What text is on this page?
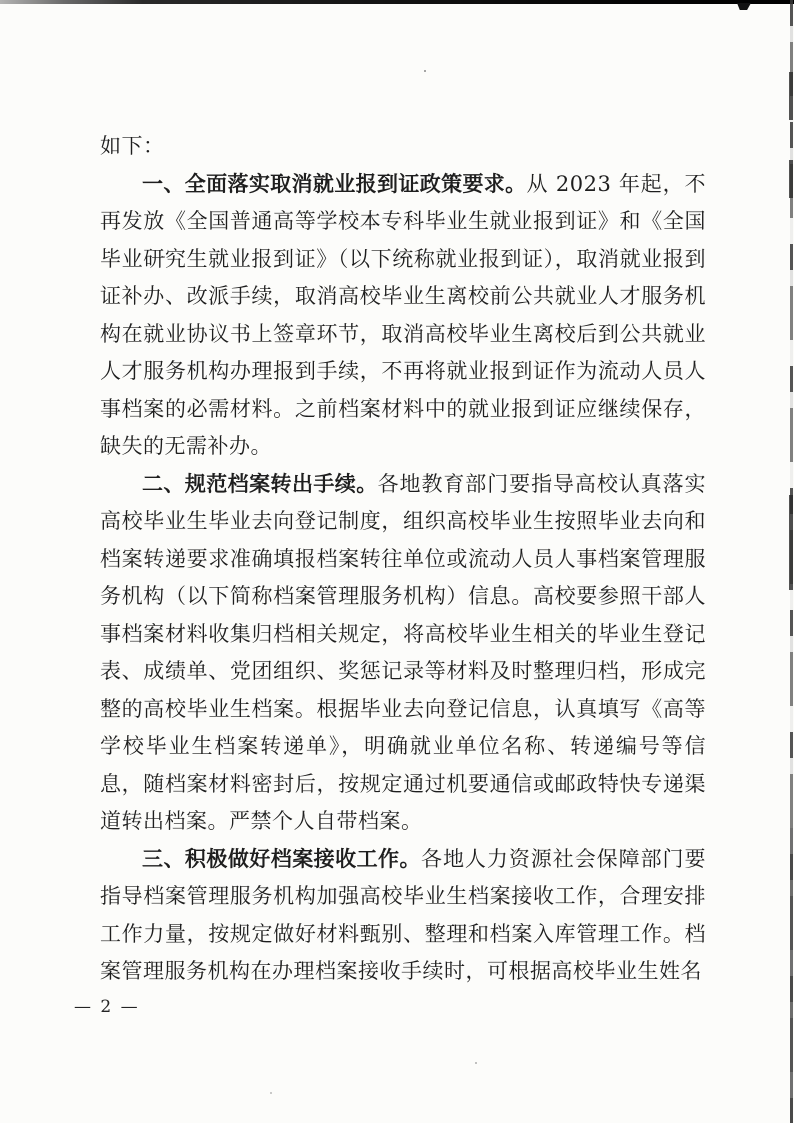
如下：

一、全面落实取消就业报到证政策要求。从 2023 年起，不再发放《全国普通高等学校本专科毕业生就业报到证》和《全国毕业研究生就业报到证》（以下统称就业报到证），取消就业报到证补办、改派手续，取消高校毕业生离校前公共就业人才服务机构在就业协议书上签章环节，取消高校毕业生离校后到公共就业人才服务机构办理报到手续，不再将就业报到证作为流动人员人事档案的必需材料。之前档案材料中的就业报到证应继续保存，缺失的无需补办。

二、规范档案转出手续。各地教育部门要指导高校认真落实高校毕业生毕业去向登记制度，组织高校毕业生按照毕业去向和档案转递要求准确填报档案转往单位或流动人员人事档案管理服务机构（以下简称档案管理服务机构）信息。高校要参照干部人事档案材料收集归档相关规定，将高校毕业生相关的毕业生登记表、成绩单、党团组织、奖惩记录等材料及时整理归档，形成完整的高校毕业生档案。根据毕业去向登记信息，认真填写《高等学校毕业生档案转递单》，明确就业单位名称、转递编号等信息，随档案材料密封后，按规定通过机要通信或邮政特快专递渠道转出档案。严禁个人自带档案。

三、积极做好档案接收工作。各地人力资源社会保障部门要指导档案管理服务机构加强高校毕业生档案接收工作，合理安排工作力量，按规定做好材料甄别、整理和档案入库管理工作。档案管理服务机构在办理档案接收手续时，可根据高校毕业生姓名

— 2 —
